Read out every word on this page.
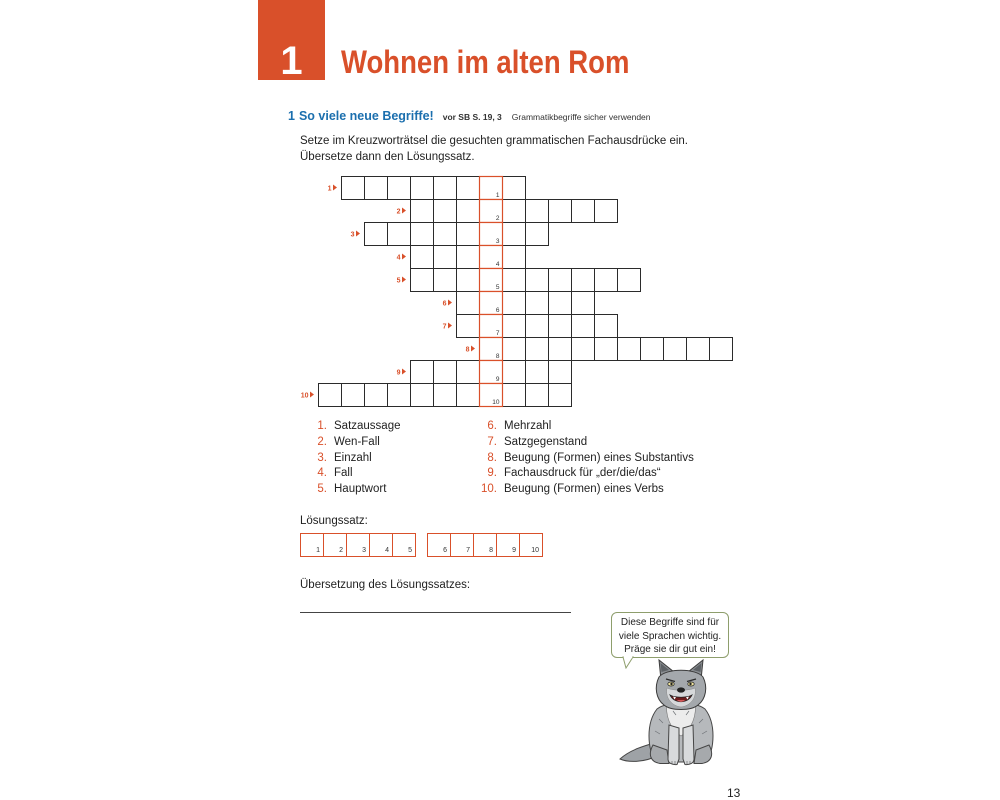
1	Wohnen im alten Rom
1 So viele neue Begriffe! vor SB S. 19, 3 Grammatikbegriffe sicher verwenden
Setze im Kreuzworträtsel die gesuchten grammatischen Fachausdrücke ein.
Übersetze dann den Lösungssatz.
1
2
3
4
5
6
7
8
9
10
1
2
3
4
5
6
7
8
9
10
1. Satzaussage
2. Wen-Fall
3. Einzahl
4. Fall
5. Hauptwort
6. Mehrzahl
7. Satzgegenstand
8. Beugung (Formen) eines Substantivs
9. Fachausdruck für „der/die/das“
10. Beugung (Formen) eines Verbs
Lösungssatz:
1	2	3	4	5	6	7	8	9 10
Übersetzung des Lösungssatzes:
Diese Begriffe sind für
viele Sprachen wichtig.
Präge sie dir gut ein!
13
